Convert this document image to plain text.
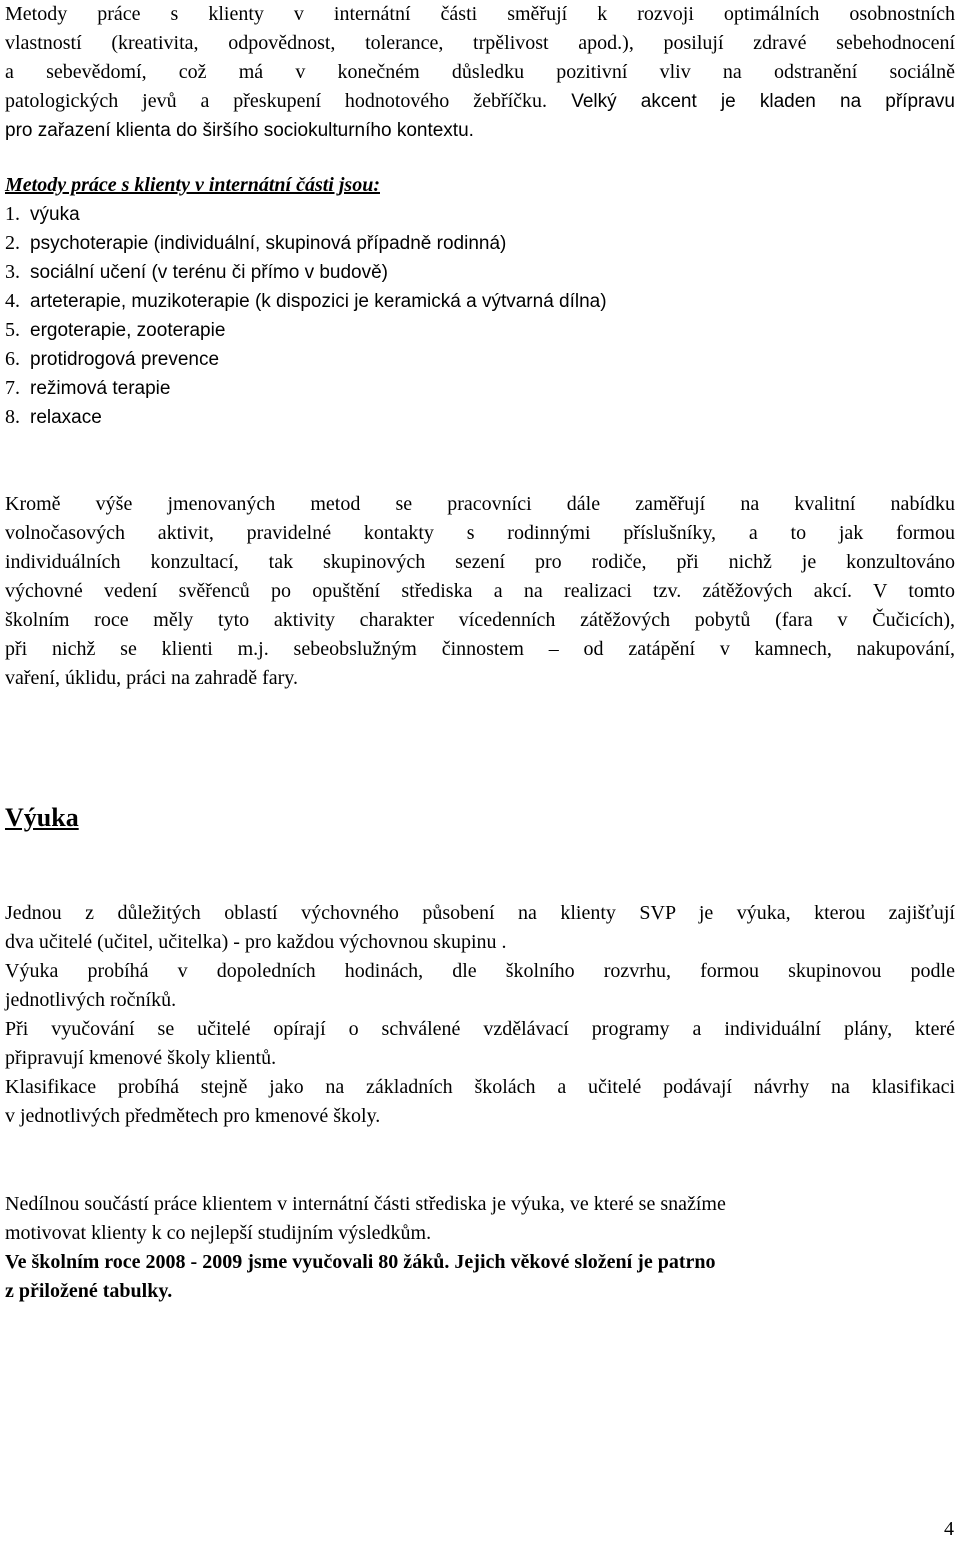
Metody práce s klienty v internátní části směřují k rozvoji optimálních osobnostních
vlastností (kreativita, odpovědnost, tolerance, trpělivost apod.), posilují zdravé sebehodnocení
a sebevědomí, což má v konečném důsledku pozitivní vliv na odstranění sociálně
patologických jevů a přeskupení hodnotového žebříčku. Velký akcent je kladen na přípravu
pro zařazení klienta do širšího sociokulturního kontextu.

Metody práce s klienty v internátní části jsou:

1. výuka
2. psychoterapie (individuální, skupinová případně rodinná)
3. sociální učení (v terénu či přímo v budově)
4. arteterapie, muzikoterapie (k dispozici je keramická a výtvarná dílna)
5. ergoterapie, zooterapie
6. protidrogová prevence
7. režimová terapie
8. relaxace
Kromě výše jmenovaných metod se pracovníci dále zaměřují na kvalitní nabídku
volnočasových aktivit, pravidelné kontakty s rodinnými příslušníky, a to jak formou
individuálních konzultací, tak skupinových sezení pro rodiče, při nichž je konzultováno
výchovné vedení svěřenců po opuštění střediska a na realizaci tzv. zátěžových akcí. V tomto
školním roce měly tyto aktivity charakter vícedenních zátěžových pobytů (fara v Čučicích),
při nichž se klienti m.j. sebeobslužným činnostem – od zatápění v kamnech, nakupování,
vaření, úklidu, práci na zahradě fary.
Výuka
Jednou z důležitých oblastí výchovného působení na klienty SVP je výuka, kterou zajišťují
dva učitelé (učitel, učitelka) - pro každou výchovnou skupinu .
Výuka probíhá v dopoledních hodinách, dle školního rozvrhu, formou skupinovou podle
jednotlivých ročníků.
Při vyučování se učitelé opírají o schválené vzdělávací programy a individuální plány, které
připravují kmenové školy klientů.
Klasifikace probíhá stejně jako na základních školách a učitelé podávají návrhy na klasifikaci
v jednotlivých předmětech pro kmenové školy.
Nedílnou součástí práce klientem v internátní části střediska je výuka, ve které se snažíme
motivovat klienty k co nejlepší studijním výsledkům.
Ve školním roce 2008 - 2009 jsme vyučovali 80 žáků. Jejich věkové složení je patrno
z přiložené tabulky.
4
